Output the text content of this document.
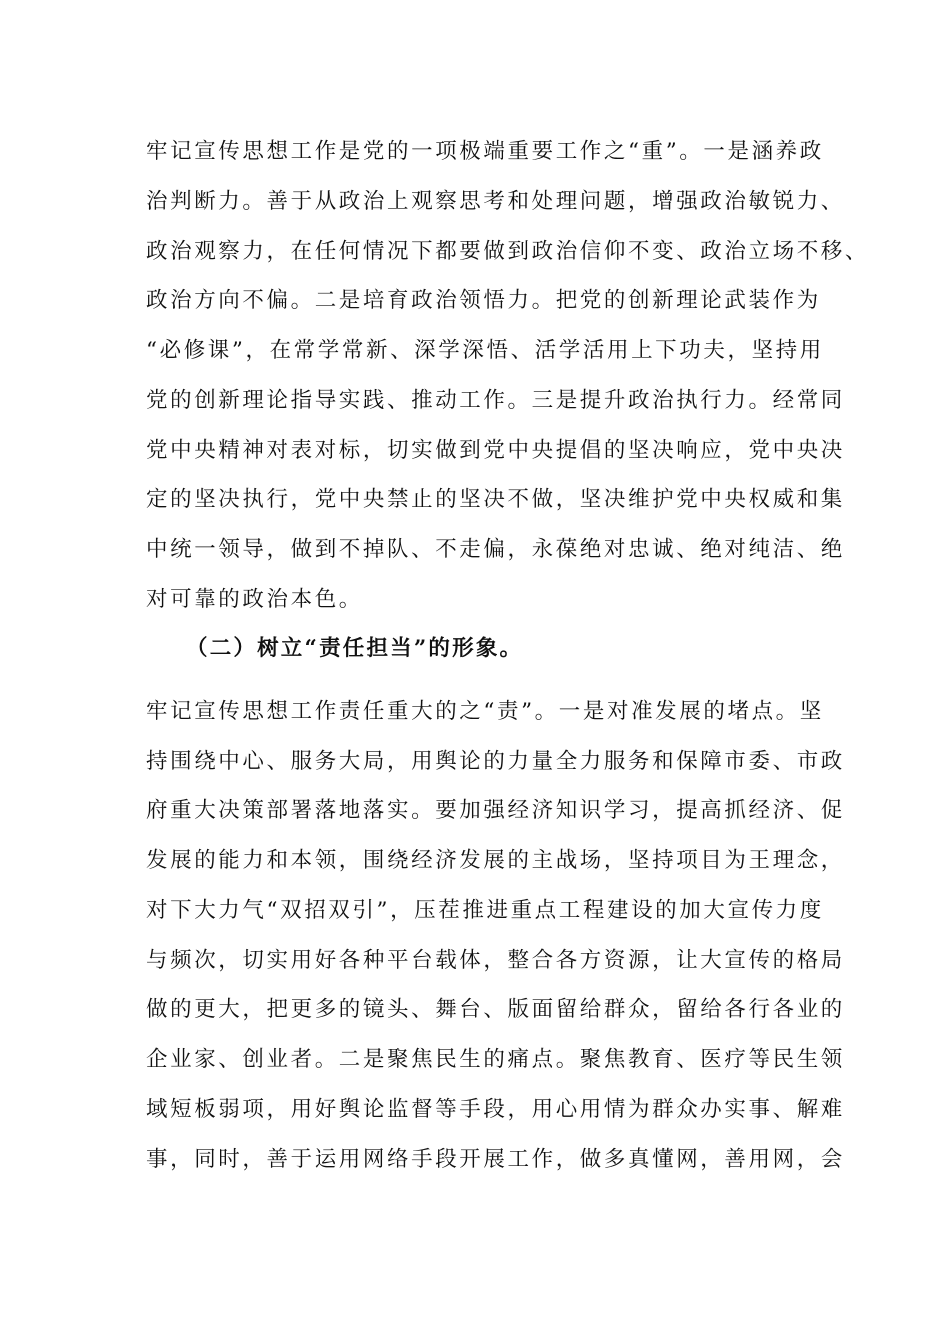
牢记宣传思想工作是党的一项极端重要工作之“重”。一是涵养政
治判断力。善于从政治上观察思考和处理问题，增强政治敏锐力、
政治观察力，在任何情况下都要做到政治信仰不变、政治立场不移、
政治方向不偏。二是培育政治领悟力。把党的创新理论武装作为
“必修课”，在常学常新、深学深悟、活学活用上下功夫，坚持用
党的创新理论指导实践、推动工作。三是提升政治执行力。经常同
党中央精神对表对标，切实做到党中央提倡的坚决响应，党中央决
定的坚决执行，党中央禁止的坚决不做，坚决维护党中央权威和集
中统一领导，做到不掉队、不走偏，永葆绝对忠诚、绝对纯洁、绝
对可靠的政治本色。
（二）树立“责任担当”的形象。
牢记宣传思想工作责任重大的之“责”。一是对准发展的堵点。坚
持围绕中心、服务大局，用舆论的力量全力服务和保障市委、市政
府重大决策部署落地落实。要加强经济知识学习，提高抓经济、促
发展的能力和本领，围绕经济发展的主战场，坚持项目为王理念，
对下大力气“双招双引”，压茬推进重点工程建设的加大宣传力度
与频次，切实用好各种平台载体，整合各方资源，让大宣传的格局
做的更大，把更多的镜头、舞台、版面留给群众，留给各行各业的
企业家、创业者。二是聚焦民生的痛点。聚焦教育、医疗等民生领
域短板弱项，用好舆论监督等手段，用心用情为群众办实事、解难
事，同时，善于运用网络手段开展工作，做多真懂网，善用网，会
